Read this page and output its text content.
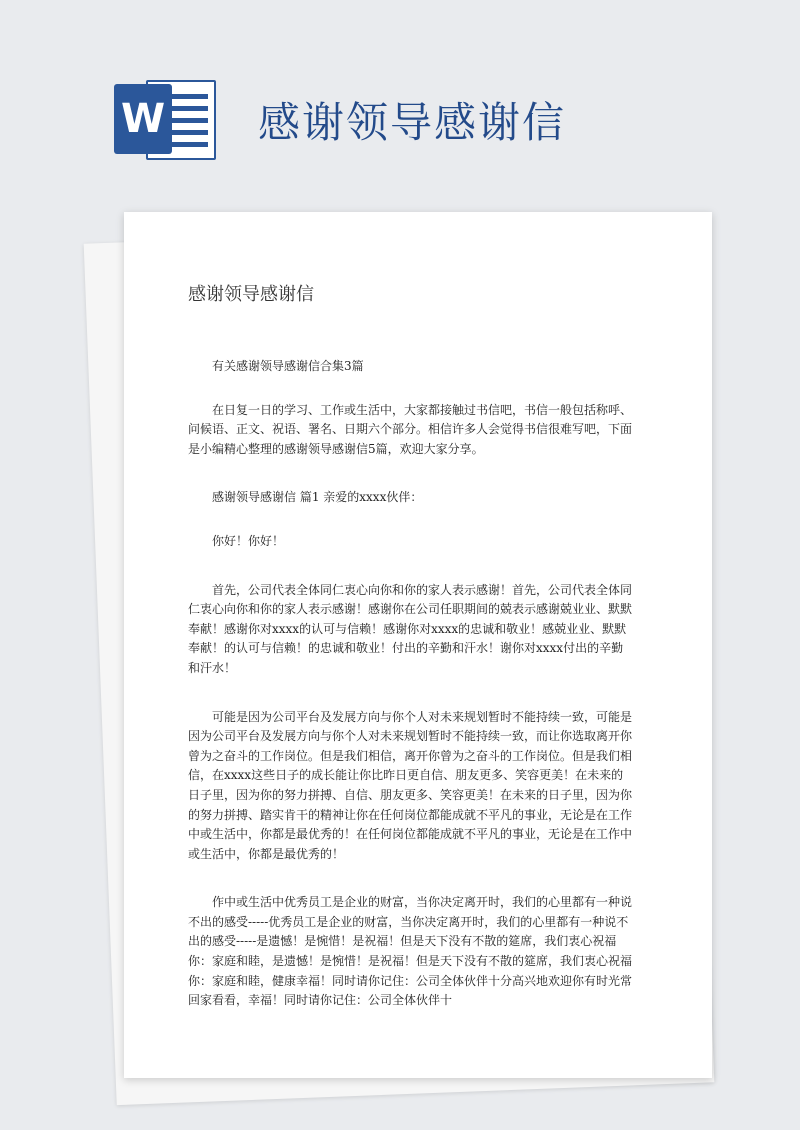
W 感谢领导感谢信
感谢领导感谢信

有关感谢领导感谢信合集3篇

在日复一日的学习、工作或生活中，大家都接触过书信吧，书信一般包括称呼、问候语、正文、祝语、署名、日期六个部分。相信许多人会觉得书信很难写吧，下面是小编精心整理的感谢领导感谢信5篇，欢迎大家分享。

感谢领导感谢信 篇1 亲爱的xxxx伙伴：

你好！你好！

首先，公司代表全体同仁衷心向你和你的家人表示感谢！首先，公司代表全体同仁衷心向你和你的家人表示感谢！感谢你在公司任职期间的兢表示感谢兢业业、默默奉献！感谢你对xxxx的认可与信赖！感谢你对xxxx的忠诚和敬业！感兢业业、默默奉献！的认可与信赖！的忠诚和敬业！付出的辛勤和汗水！谢你对xxxx付出的辛勤和汗水！

可能是因为公司平台及发展方向与你个人对未来规划暂时不能持续一致，可能是因为公司平台及发展方向与你个人对未来规划暂时不能持续一致，而让你选取离开你曾为之奋斗的工作岗位。但是我们相信，离开你曾为之奋斗的工作岗位。但是我们相信，在xxxx这些日子的成长能让你比昨日更自信、朋友更多、笑容更美！在未来的日子里，因为你的努力拼搏、自信、朋友更多、笑容更美！在未来的日子里，因为你的努力拼搏、踏实肯干的精神让你在任何岗位都能成就不平凡的事业，无论是在工作中或生活中，你都是最优秀的！在任何岗位都能成就不平凡的事业，无论是在工作中或生活中，你都是最优秀的！

作中或生活中优秀员工是企业的财富，当你决定离开时，我们的心里都有一种说不出的感受-----优秀员工是企业的财富，当你决定离开时，我们的心里都有一种说不出的感受-----是遗憾！是惋惜！是祝福！但是天下没有不散的筵席，我们衷心祝福你：家庭和睦，是遗憾！是惋惜！是祝福！但是天下没有不散的筵席，我们衷心祝福你：家庭和睦，健康幸福！同时请你记住：公司全体伙伴十分高兴地欢迎你有时光常回家看看，幸福！同时请你记住：公司全体伙伴十
